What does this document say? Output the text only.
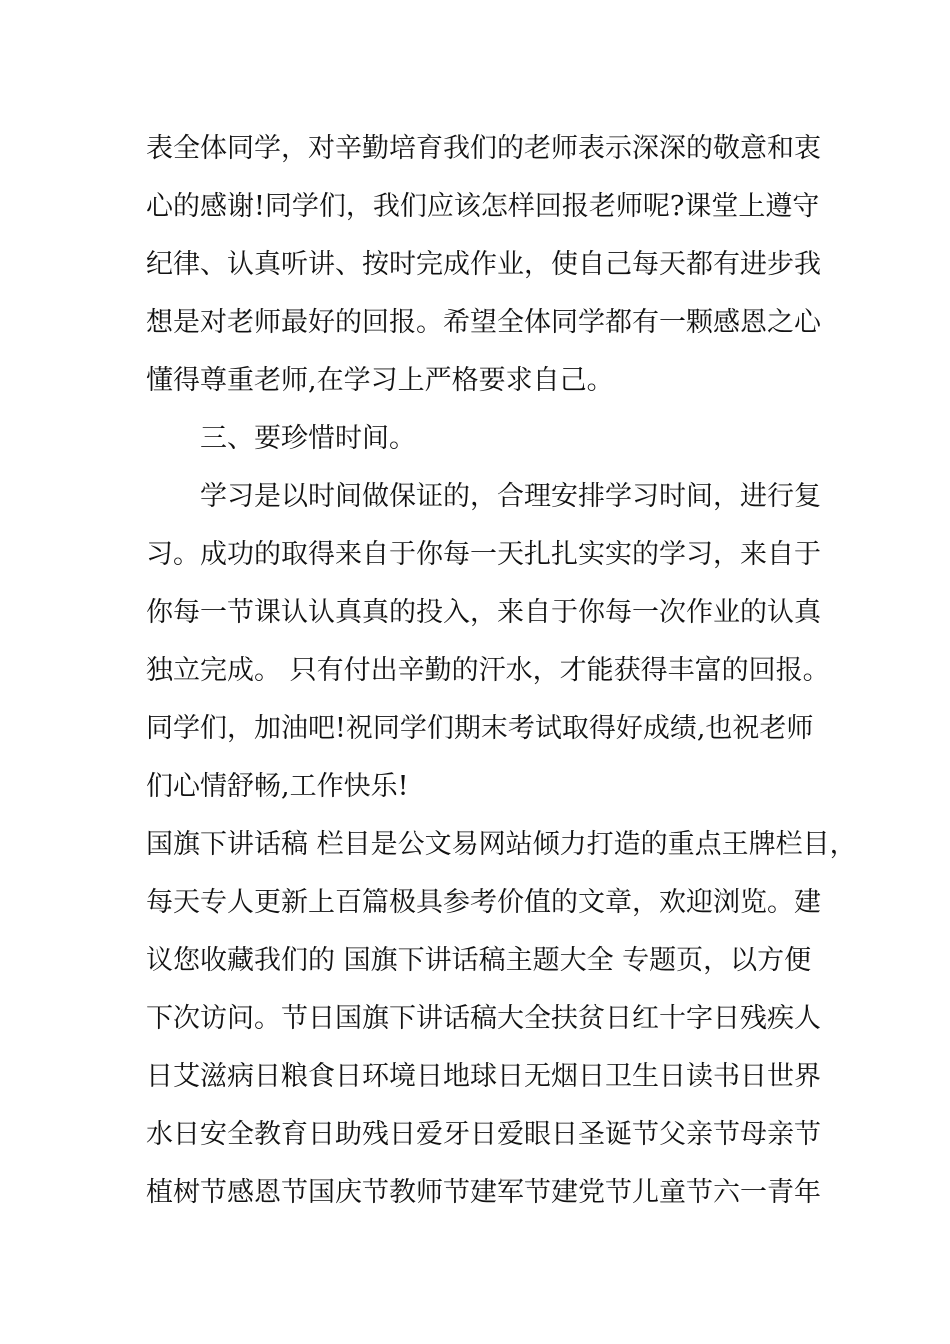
表全体同学，对辛勤培育我们的老师表示深深的敬意和衷

心的感谢!同学们，我们应该怎样回报老师呢?课堂上遵守

纪律、认真听讲、按时完成作业，使自己每天都有进步我

想是对老师最好的回报。希望全体同学都有一颗感恩之心

懂得尊重老师,在学习上严格要求自己。

三、要珍惜时间。

学习是以时间做保证的，合理安排学习时间，进行复

习。成功的取得来自于你每一天扎扎实实的学习，来自于

你每一节课认认真真的投入，来自于你每一次作业的认真

独立完成。 只有付出辛勤的汗水，才能获得丰富的回报。

同学们，加油吧!祝同学们期末考试取得好成绩,也祝老师

们心情舒畅,工作快乐!

国旗下讲话稿 栏目是公文易网站倾力打造的重点王牌栏目，

每天专人更新上百篇极具参考价值的文章，欢迎浏览。建

议您收藏我们的 国旗下讲话稿主题大全 专题页，以方便

下次访问。节日国旗下讲话稿大全扶贫日红十字日残疾人

日艾滋病日粮食日环境日地球日无烟日卫生日读书日世界

水日安全教育日助残日爱牙日爱眼日圣诞节父亲节母亲节

植树节感恩节国庆节教师节建军节建党节儿童节六一青年
